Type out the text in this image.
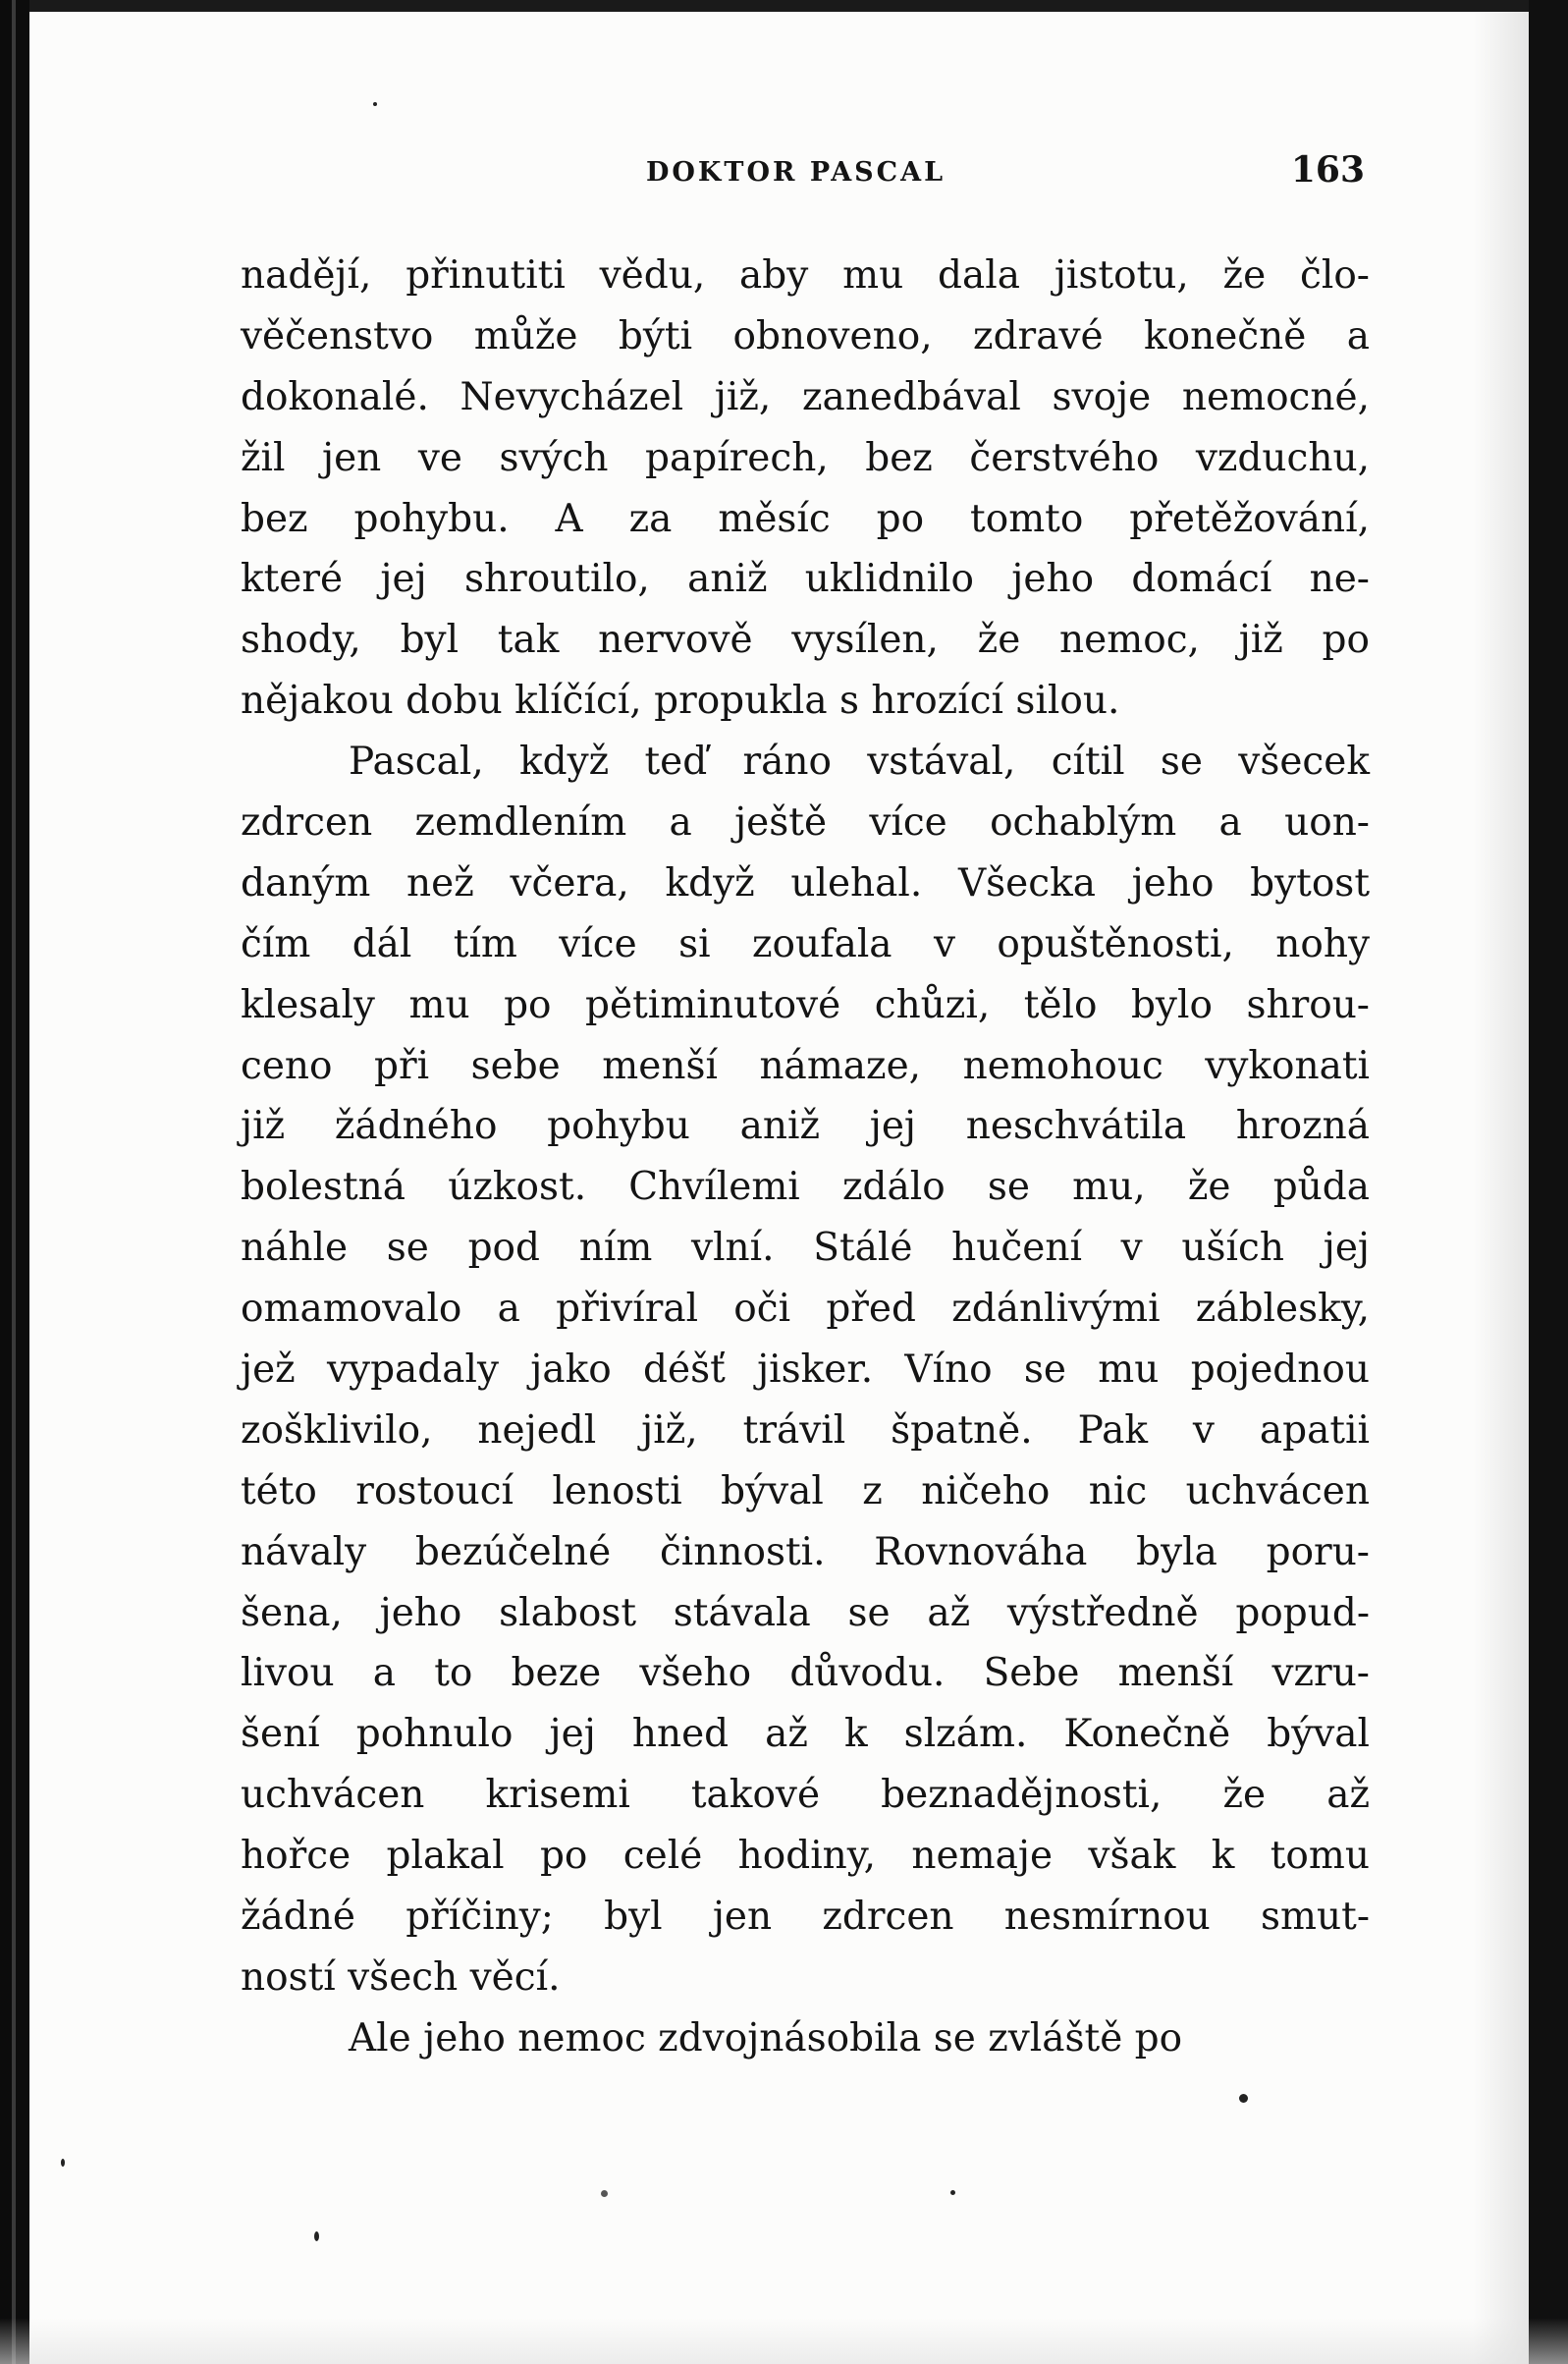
DOKTOR PASCAL	163
nadějí, přinutiti vědu, aby mu dala jistotu, že člo-
věčenstvo může býti obnoveno, zdravé konečně a
dokonalé. Nevycházel již, zanedbával svoje nemocné,
žil jen ve svých papírech, bez čerstvého vzduchu,
bez pohybu. A za měsíc po tomto přetěžování,
které jej shroutilo, aniž uklidnilo jeho domácí ne-
shody, byl tak nervově vysílen, že nemoc, již po
nějakou dobu klíčící, propukla s hrozící silou.
Pascal, když teď ráno vstával, cítil se všecek
zdrcen zemdlením a ještě více ochablým a uon-
daným než včera, když ulehal. Všecka jeho bytost
čím dál tím více si zoufala v opuštěnosti, nohy
klesaly mu po pětiminutové chůzi, tělo bylo shrou-
ceno při sebe menší námaze, nemohouc vykonati
již žádného pohybu aniž jej neschvátila hrozná
bolestná úzkost. Chvílemi zdálo se mu, že půda
náhle se pod ním vlní. Stálé hučení v uších jej
omamovalo a přivíral oči před zdánlivými záblesky,
jež vypadaly jako déšť jisker. Víno se mu pojednou
zošklivilo, nejedl již, trávil špatně. Pak v apatii
této rostoucí lenosti býval z ničeho nic uchvácen
návaly bezúčelné činnosti. Rovnováha byla poru-
šena, jeho slabost stávala se až výstředně popud-
livou a to beze všeho důvodu. Sebe menší vzru-
šení pohnulo jej hned až k slzám. Konečně býval
uchvácen krisemi takové beznadějnosti, že až
hořce plakal po celé hodiny, nemaje však k tomu
žádné příčiny; byl jen zdrcen nesmírnou smut-
ností všech věcí.
Ale jeho nemoc zdvojnásobila se zvláště po
